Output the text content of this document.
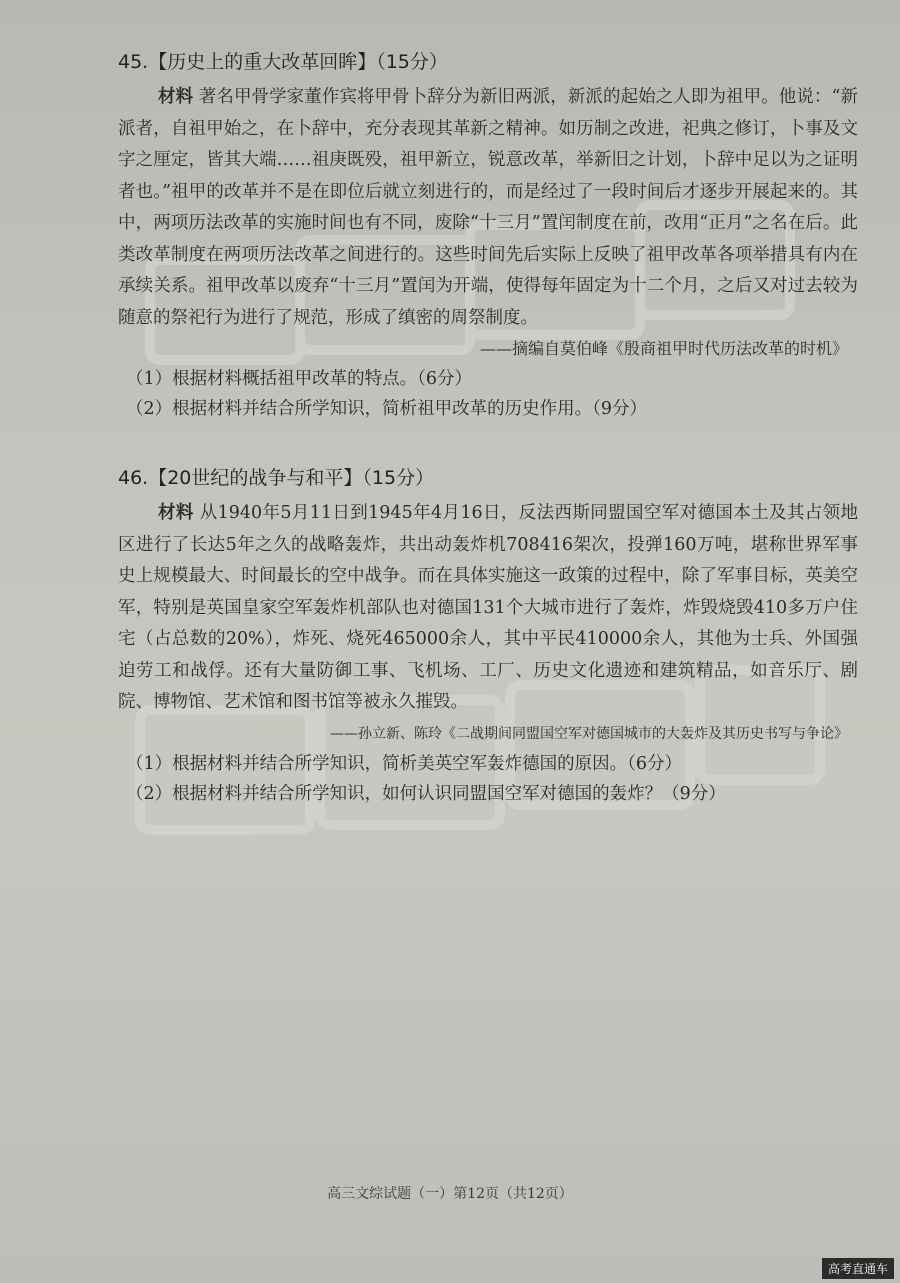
45.【历史上的重大改革回眸】（15分）

材料 著名甲骨学家董作宾将甲骨卜辞分为新旧两派，新派的起始之人即为祖甲。他说：“新派者，自祖甲始之，在卜辞中，充分表现其革新之精神。如历制之改进，祀典之修订，卜事及文字之厘定，皆其大端……祖庚既殁，祖甲新立，锐意改革，举新旧之计划，卜辞中足以为之证明者也。”祖甲的改革并不是在即位后就立刻进行的，而是经过了一段时间后才逐步开展起来的。其中，两项历法改革的实施时间也有不同，废除“十三月”置闰制度在前，改用“正月”之名在后。此类改革制度在两项历法改革之间进行的。这些时间先后实际上反映了祖甲改革各项举措具有内在承续关系。祖甲改革以废弃“十三月”置闰为开端，使得每年固定为十二个月，之后又对过去较为随意的祭祀行为进行了规范，形成了缜密的周祭制度。

——摘编自莫伯峰《殷商祖甲时代历法改革的时机》
（1）根据材料概括祖甲改革的特点。（6分）
（2）根据材料并结合所学知识，简析祖甲改革的历史作用。（9分）
46.【20世纪的战争与和平】（15分）

材料 从1940年5月11日到1945年4月16日，反法西斯同盟国空军对德国本土及其占领地区进行了长达5年之久的战略轰炸，共出动轰炸机708416架次，投弹160万吨，堪称世界军事史上规模最大、时间最长的空中战争。而在具体实施这一政策的过程中，除了军事目标，英美空军，特别是英国皇家空军轰炸机部队也对德国131个大城市进行了轰炸，炸毁烧毁410多万户住宅（占总数的20%），炸死、烧死465000余人，其中平民410000余人，其他为士兵、外国强迫劳工和战俘。还有大量防御工事、飞机场、工厂、历史文化遗迹和建筑精品，如音乐厅、剧院、博物馆、艺术馆和图书馆等被永久摧毁。

——孙立新、陈玲《二战期间同盟国空军对德国城市的大轰炸及其历史书写与争论》
（1）根据材料并结合所学知识，简析美英空军轰炸德国的原因。（6分）
（2）根据材料并结合所学知识，如何认识同盟国空军对德国的轰炸？（9分）
高三文综试题（一）第12页（共12页）
高考直通车
